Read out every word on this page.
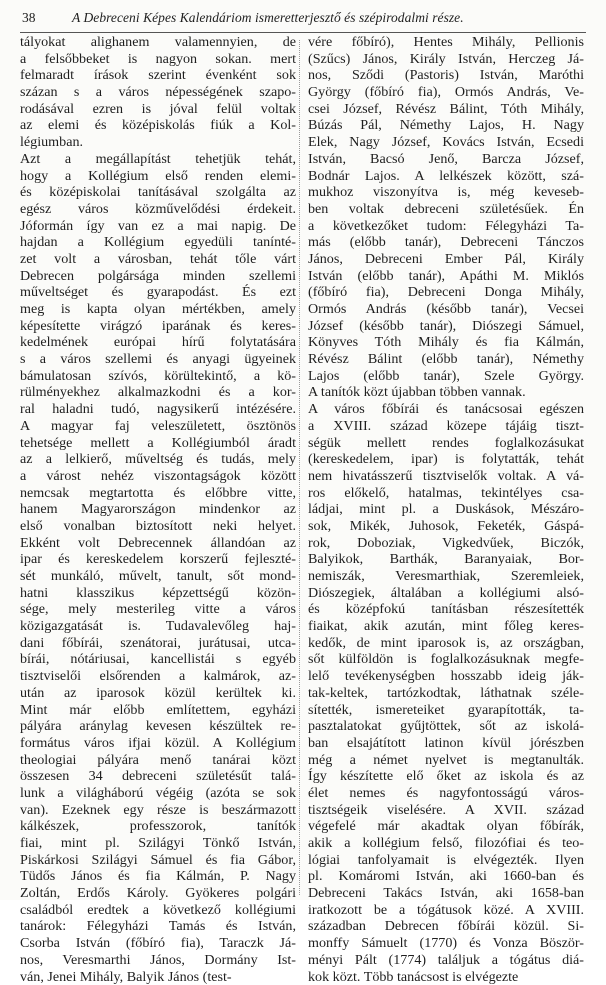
38	A Debreceni Képes Kalendáriom ismeretterjesztő és szépirodalmi része.
tályokat alighanem valamennyien, de
a felsőbbeket is nagyon sokan. mert
felmaradt írások szerint évenként sok
százan s a város népességének szapo-
rodásával ezren is jóval felül voltak
az elemi és középiskolás fiúk a Kol-
légiumban.
Azt a megállapítást tehetjük tehát,
hogy a Kollégium első renden elemi-
és középiskolai tanításával szolgálta az
egész város közművelődési érdekeit.
Jóformán így van ez a mai napig. De
hajdan a Kollégium egyedüli tanínté-
zet volt a városban, tehát tőle várt
Debrecen polgársága minden szellemi
műveltséget és gyarapodást. És ezt
meg is kapta olyan mértékben, amely
képesítette virágzó iparának és keres-
kedelmének európai hírű folytatására
s a város szellemi és anyagi ügyeinek
bámulatosan szívós, körültekintő, a kö-
rülményekhez alkalmazkodni és a kor-
ral haladni tudó, nagysikerű intézésére.
A magyar faj veleszületett, ösztönös
tehetsége mellett a Kollégiumból áradt
az a lelkierő, műveltség és tudás, mely
a várost nehéz viszontagságok között
nemcsak megtartotta és előbbre vitte,
hanem Magyarországon mindenkor az
első vonalban biztosított neki helyet.
Ekként volt Debrecennek állandóan az
ipar és kereskedelem korszerű fejleszté-
sét munkáló, művelt, tanult, sőt mond-
hatni klasszikus képzettségű közön-
sége, mely mesterileg vitte a város
közigazgatását is. Tudavalevőleg haj-
dani főbírái, szenátorai, jurátusai, utca-
bírái, nótáriusai, kancellistái s egyéb
tisztviselői elsőrenden a kalmárok, az-
után az iparosok közül kerültek ki.
Mint már előbb említettem, egyházi
pályára aránylag kevesen készültek re-
formátus város ifjai közül. A Kollégium
theologiai pályára menő tanárai közt
összesen 34 debreceni születésűt talá-
lunk a világháború végéig (azóta se sok
van). Ezeknek egy része is beszármazott
kálkészek, professzorok, tanítók
fiai, mint pl. Szilágyi Tönkő István,
Piskárkosi Szilágyi Sámuel és fia Gábor,
Tüdős János és fia Kálmán, P. Nagy
Zoltán, Erdős Károly. Gyökeres polgári
családból eredtek a következő kollégiumi
tanárok: Félegyházi Tamás és István,
Csorba István (főbíró fia), Taraczk Já-
nos, Veresmarthi János, Dormány Ist-
ván, Jenei Mihály, Balyik János (test-
vére főbíró), Hentes Mihály, Pellionis
(Szűcs) János, Király István, Herczeg Já-
nos, Sződi (Pastoris) István, Maróthi
György (főbíró fia), Ormós András, Ve-
csei József, Révész Bálint, Tóth Mihály,
Búzás Pál, Némethy Lajos, H. Nagy
Elek, Nagy József, Kovács István, Ecsedi
István, Bacsó Jenő, Barcza József,
Bodnár Lajos. A lelkészek között, szá-
mukhoz viszonyítva is, még keveseb-
ben voltak debreceni születésűek. Én
a következőket tudom: Félegyházi Ta-
más (előbb tanár), Debreceni Tánczos
János, Debreceni Ember Pál, Király
István (előbb tanár), Apáthi M. Miklós
(főbíró fia), Debreceni Donga Mihály,
Ormós András (később tanár), Vecsei
József (később tanár), Diószegi Sámuel,
Könyves Tóth Mihály és fia Kálmán,
Révész Bálint (előbb tanár), Némethy
Lajos (előbb tanár), Szele György.
A tanítók közt újabban többen vannak.
A város főbírái és tanácsosai egészen
a XVIII. század közepe tájáig tiszt-
ségük mellett rendes foglalkozásukat
(kereskedelem, ipar) is folytatták, tehát
nem hivatásszerű tisztviselők voltak. A vá-
ros előkelő, hatalmas, tekintélyes csa-
ládjai, mint pl. a Duskások, Mészáro-
sok, Mikék, Juhosok, Feketék, Gáspá-
rok, Doboziak, Vigkedvűek, Biczók,
Balyikok, Barthák, Baranyaiak, Bor-
nemiszák, Veresmarthiak, Szeremleiek,
Diószegiek, általában a kollégiumi alsó-
és középfokú tanításban részesítették
fiaikat, akik azután, mint főleg keres-
kedők, de mint iparosok is, az országban,
sőt külföldön is foglalkozásuknak megfe-
lelő tevékenységben hosszabb ideig ják-
tak-keltek, tartózkodtak, láthatnak széle-
sítették, ismereteiket gyarapították, ta-
pasztalatokat gyűjtöttek, sőt az iskolá-
ban elsajátított latinon kívül jórészben
még a német nyelvet is megtanulták.
Így készítette elő őket az iskola és az
élet nemes és nagyfontosságú város-
tisztségeik viselésére. A XVII. század
végefelé már akadtak olyan főbírák,
akik a kollégium felső, filozófiai és teo-
lógiai tanfolyamait is elvégezték. Ilyen
pl. Komáromi István, aki 1660-ban és
Debreceni Takács István, aki 1658-ban
iratkozott be a tógátusok közé. A XVIII.
században Debrecen főbírái közül. Si-
monffy Sámuelt (1770) és Vonza Böször-
ményi Pált (1774) találjuk a tógátus diá-
kok közt. Több tanácsost is elvégezte
